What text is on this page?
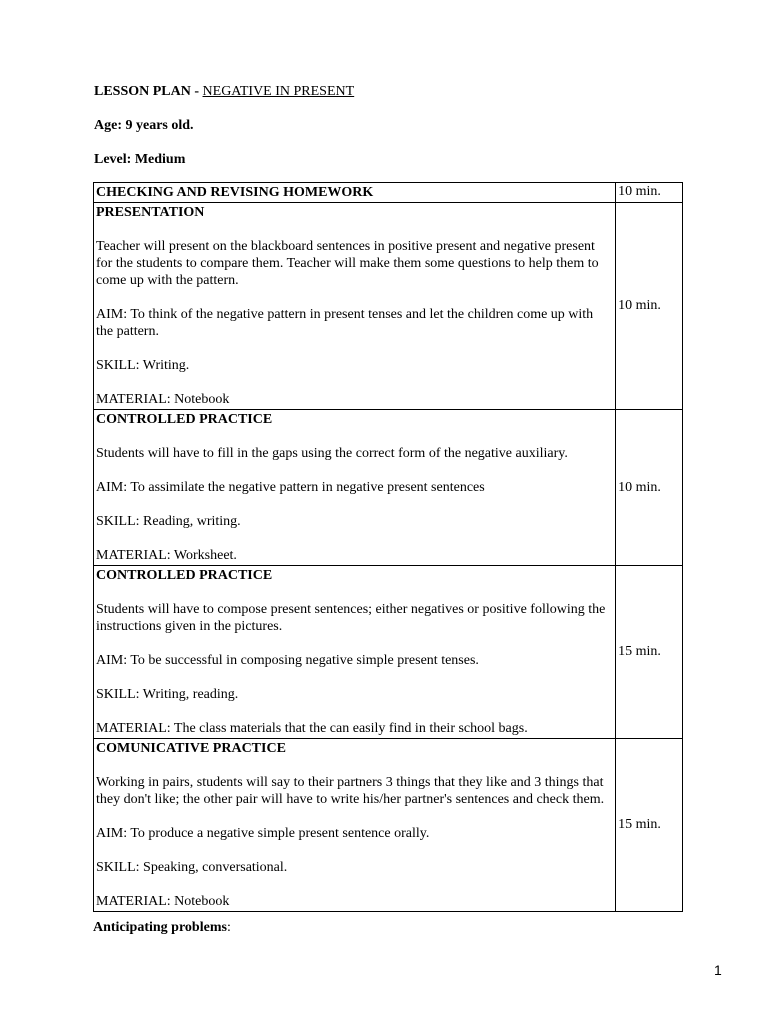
LESSON PLAN - NEGATIVE IN PRESENT
Age: 9 years old.
Level: Medium
CHECKING AND REVISING HOMEWORK	10 min.

PRESENTATION

Teacher will present on the blackboard sentences in positive present and negative present for the students to compare them. Teacher will make them some questions to help them to come up with the pattern.

AIM: To think of the negative pattern in present tenses and let the children come up with the pattern.

SKILL: Writing.

MATERIAL: Notebook	10 min.

CONTROLLED PRACTICE

Students will have to fill in the gaps using the correct form of the negative auxiliary.

AIM: To assimilate the negative pattern in negative present sentences

SKILL: Reading, writing.

MATERIAL: Worksheet.	10 min.

CONTROLLED PRACTICE

Students will have to compose present sentences; either negatives or positive following the instructions given in the pictures.

AIM: To be successful in composing negative simple present tenses.

SKILL: Writing, reading.

MATERIAL: The class materials that the can easily find in their school bags.	15 min.

COMUNICATIVE PRACTICE

Working in pairs, students will say to their partners 3 things that they like and 3 things that they don't like; the other pair will have to write his/her partner's sentences and check them.

AIM: To produce a negative simple present sentence orally.

SKILL: Speaking, conversational.

MATERIAL: Notebook	15 min.
Anticipating problems:
1
